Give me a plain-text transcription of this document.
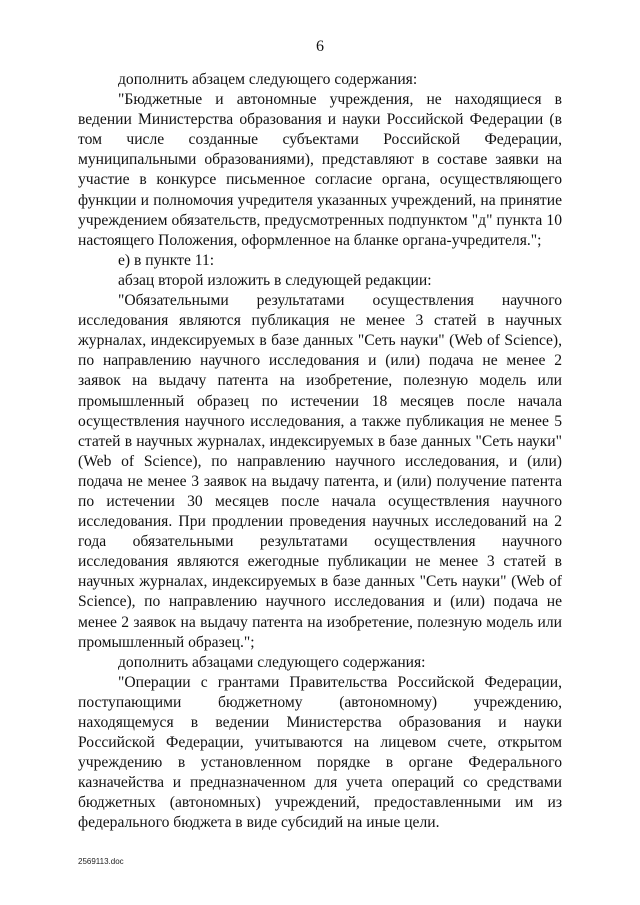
6

дополнить абзацем следующего содержания:

"Бюджетные и автономные учреждения, не находящиеся в ведении Министерства образования и науки Российской Федерации (в том числе созданные субъектами Российской Федерации, муниципальными образованиями), представляют в составе заявки на участие в конкурсе письменное согласие органа, осуществляющего функции и полномочия учредителя указанных учреждений, на принятие учреждением обязательств, предусмотренных подпунктом "д" пункта 10 настоящего Положения, оформленное на бланке органа-учредителя.";

е) в пункте 11:

абзац второй изложить в следующей редакции:

"Обязательными результатами осуществления научного исследования являются публикация не менее 3 статей в научных журналах, индексируемых в базе данных "Сеть науки" (Web of Science), по направлению научного исследования и (или) подача не менее 2 заявок на выдачу патента на изобретение, полезную модель или промышленный образец по истечении 18 месяцев после начала осуществления научного исследования, а также публикация не менее 5 статей в научных журналах, индексируемых в базе данных "Сеть науки" (Web of Science), по направлению научного исследования, и (или) подача не менее 3 заявок на выдачу патента, и (или) получение патента по истечении 30 месяцев после начала осуществления научного исследования. При продлении проведения научных исследований на 2 года обязательными результатами осуществления научного исследования являются ежегодные публикации не менее 3 статей в научных журналах, индексируемых в базе данных "Сеть науки" (Web of Science), по направлению научного исследования и (или) подача не менее 2 заявок на выдачу патента на изобретение, полезную модель или промышленный образец.";

дополнить абзацами следующего содержания:

"Операции с грантами Правительства Российской Федерации, поступающими бюджетному (автономному) учреждению, находящемуся в ведении Министерства образования и науки Российской Федерации, учитываются на лицевом счете, открытом учреждению в установленном порядке в органе Федерального казначейства и предназначенном для учета операций со средствами бюджетных (автономных) учреждений, предоставленными им из федерального бюджета в виде субсидий на иные цели.

2569113.doc
